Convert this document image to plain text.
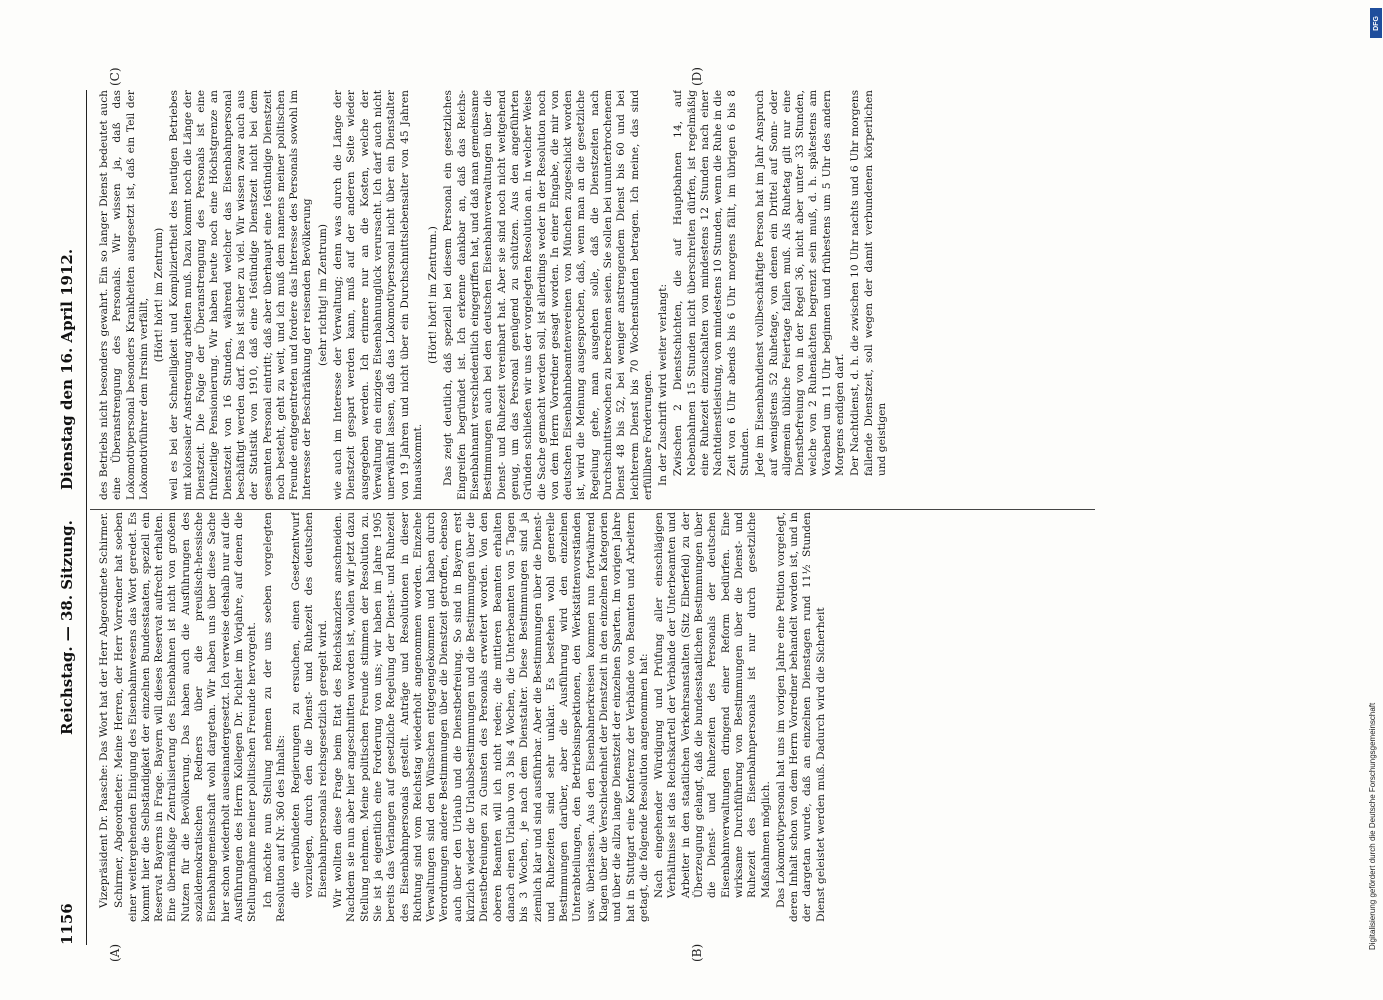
1156
Reichstag. — 38. Sitzung.
Dienstag den 16. April 1912.
(A)	(B)
(C)	(D)

Vizepräsident Dr. Paasche: Das Wort hat der Herr Abgeordnete Schirmer. Schirmer, Abgeordneter: Meine Herren, der Herr Vorredner hat soeben einer weitergehenden Einigung des Eisenbahnwesens das Wort geredet. Es kommt hier die Selbständigkeit der einzelnen Bundesstaaten, speziell ein Reservat Bayerns in Frage. Bayern will dieses Reservat aufrecht erhalten. Eine übermäßige Zentralisierung des Eisenbahnen ist nicht von großem Nutzen für die Bevölkerung. Das haben auch die Ausführungen des sozialdemokratischen Redners über die preußisch-hessische Eisenbahngemeinschaft wohl dargetan. Wir haben uns über diese Sache hier schon wiederholt auseinandergesetzt. Ich verweise deshalb nur auf die Ausführungen des Herrn Kollegen Dr. Pichler im Vorjahre, auf denen die Stellungnahme meiner politischen Freunde hervorgeht. Ich möchte nun Stellung nehmen zu der uns soeben vorgelegten Resolution auf Nr. 360 des Inhalts: die verbündeten Regierungen zu ersuchen, einen Gesetzentwurf vorzulegen, durch den die Dienst- und Ruhezeit des deutschen Eisenbahnpersonals reichsgesetzlich geregelt wird. Wir wollten diese Frage beim Etat des Reichskanzlers anschneiden. Nachdem sie nun aber hier angeschnitten worden ist, wollen wir jetzt dazu Stellung nehmen. Meine politischen Freunde stimmen der Resolution zu. Sie ist ja eigentlich eine Forderung von uns; wir haben im Jahre 1905 bereits das Verlangen auf gesetzliche Regelung der Dienst- und Ruhezeit des Eisenbahnpersonals gestellt. Anträge und Resolutionen in dieser Richtung sind vom Reichstag wiederholt angenommen worden. Einzelne Verwaltungen sind den Wünschen entgegengekommen und haben durch Verordnungen andere Bestimmungen über die Dienstzeit getroffen, ebenso auch über den Urlaub und die Dienstbefreiung. So sind in Bayern erst kürzlich wieder die Urlaubsbestimmungen und die Bestimmungen über die Dienstbefreiungen zu Gunsten des Personals erweitert worden. Von den oberen Beamten will ich nicht reden; die mittleren Beamten erhalten danach einen Urlaub von 3 bis 4 Wochen, die Unterbeamten von 5 Tagen bis 3 Wochen, je nach dem Dienstalter. Diese Bestimmungen sind ja ziemlich klar und sind ausführbar. Aber die Bestimmungen über die Dienst- und Ruhezeiten sind sehr unklar. Es bestehen wohl generelle Bestimmungen darüber, aber die Ausführung wird den einzelnen Unterabteilungen, den Betriebsinspektionen, den Werkstättenvorständen usw. überlassen. Aus den Eisenbahnerkreisen kommen nun fortwährend Klagen über die Verschiedenheit der Dienstzeit in den einzelnen Kategorien und über die allzu lange Dienstzeit der einzelnen Sparten. Im vorigen Jahre hat in Stuttgart eine Konferenz der Verbände von Beamten und Arbeitern getagt, die folgende Resolution angenommen hat: Nach eingehender Würdigung und Prüfung aller einschlägigen Verhältnisse ist das Reichskartell der Verbände der Unterbeamten und Arbeiter in den staatlichen Verkehrsanstalten (Sitz Elberfeld) zu der Überzeugung gelangt, daß die bundesstaatlichen Bestimmungen über die Dienst- und Ruhezeiten des Personals der deutschen Eisenbahnverwaltungen dringend einer Reform bedürfen. Eine wirksame Durchführung von Bestimmungen über die Dienst- und Ruhezeit des Eisenbahnpersonals ist nur durch gesetzliche Maßnahmen möglich. Das Lokomotivpersonal hat uns im vorigen Jahre eine Petition vorgelegt, deren Inhalt schon von dem Herrn Vorredner behandelt worden ist, und in der dargetan wurde, daß an einzelnen Dienstagen rund 11½ Stunden Dienst geleistet werden muß. Dadurch wird die Sicherheit

des Betriebs nicht besonders gewahrt. Ein so langer Dienst bedeutet auch eine Überanstrengung des Personals. Wir wissen ja, daß das Lokomotivpersonal besonders Krankheiten ausgesetzt ist, daß ein Teil der Lokomotivführer dem Irrsinn verfällt,

(Hört! hört! im Zentrum) weil es bei der Schnelligkeit und Kompliziertheit des heutigen Betriebes mit kolossaler Anstrengung arbeiten muß. Dazu kommt noch die Länge der Dienstzeit. Die Folge der Überanstrengung des Personals ist eine frühzeitige Pensionierung. Wir haben heute noch eine Höchstgrenze an Dienstzeit von 16 Stunden, während welcher das Eisenbahnpersonal beschäftigt werden darf. Das ist sicher zu viel. Wir wissen zwar auch aus der Statistik von 1910, daß eine 16stündige Dienstzeit nicht bei dem gesamten Personal eintritt; daß aber überhaupt eine 16stündige Dienstzeit noch besteht, geht zu weit, und ich muß dem namens meiner politischen Freunde entgegentreten und fordere das Interesse des Personals sowohl im Interesse der Beschränkung der reisenden Bevölkerung (sehr richtig! im Zentrum) wie auch im Interesse der Verwaltung; denn was durch die Länge der Dienstzeit gespart werden kann, muß auf der anderen Seite wieder ausgegeben werden. Ich erinnere nur an die Kosten, welche der Verwaltung ein einziges Eisenbahnunglück verursacht. Ich darf auch nicht unerwähnt lassen, daß das Lokomotivpersonal nicht über ein Dienstalter von 19 Jahren und nicht über ein Durchschnittslebensalter von 45 Jahren hinauskommt.

(Hört! hört! im Zentrum.) Das zeigt deutlich, daß speziell bei diesem Personal ein gesetzliches Eingreifen begründet ist. Ich erkenne dankbar an, daß das Reichs-Eisenbahnamt verschiedentlich eingegriffen hat, und daß man gemeinsame Bestimmungen auch bei den deutschen Eisenbahnverwaltungen über die Dienst- und Ruhezeit vereinbart hat. Aber sie sind noch nicht weitgehend genug, um das Personal genügend zu schützen. Aus den angeführten Gründen schließen wir uns der vorgelegten Resolution an. In welcher Weise die Sache gemacht werden soll, ist allerdings weder in der Resolution noch von dem Herrn Vorredner gesagt worden. In einer Eingabe, die mir von deutschen Eisenbahnbeamtenvereinen von München zugeschickt worden ist, wird die Meinung ausgesprochen, daß, wenn man an die gesetzliche Regelung gehe, man ausgehen solle, daß die Dienstzeiten nach Durchschnittswochen zu berechnen seien. Sie sollen bei ununterbrochenem Dienst 48 bis 52, bei weniger anstrengendem Dienst bis 60 und bei leichterem Dienst bis 70 Wochenstunden betragen. Ich meine, das sind erfüllbare Forderungen. In der Zuschrift wird weiter verlangt: Zwischen 2 Dienstschichten, die auf Hauptbahnen 14, auf Nebenbahnen 15 Stunden nicht überschreiten dürfen, ist regelmäßig eine Ruhezeit einzuschalten von mindestens 12 Stunden nach einer Nachtdienstleistung, von mindestens 10 Stunden, wenn die Ruhe in die Zeit von 6 Uhr abends bis 6 Uhr morgens fällt, im übrigen 6 bis 8 Stunden. Jede im Eisenbahndienst vollbeschäftigte Person hat im Jahr Anspruch auf wenigstens 52 Ruhetage, von denen ein Drittel auf Sonn- oder allgemein übliche Feiertage fallen muß. Als Ruhetag gilt nur eine Dienstbefreiung von in der Regel 36, nicht aber unter 33 Stunden, welche von 2 Ruhenächten begrenzt sein muß, d. h. spätestens am Vorabend um 11 Uhr beginnen und frühestens um 5 Uhr des andern Morgens endigen darf. Der Nachtdienst, d. h. die zwischen 10 Uhr nachts und 6 Uhr morgens fallende Dienstzeit, soll wegen der damit verbundenen körperlichen und geistigen

Digitalisierung gefördert durch die Deutsche Forschungsgemeinschaft
DFG
